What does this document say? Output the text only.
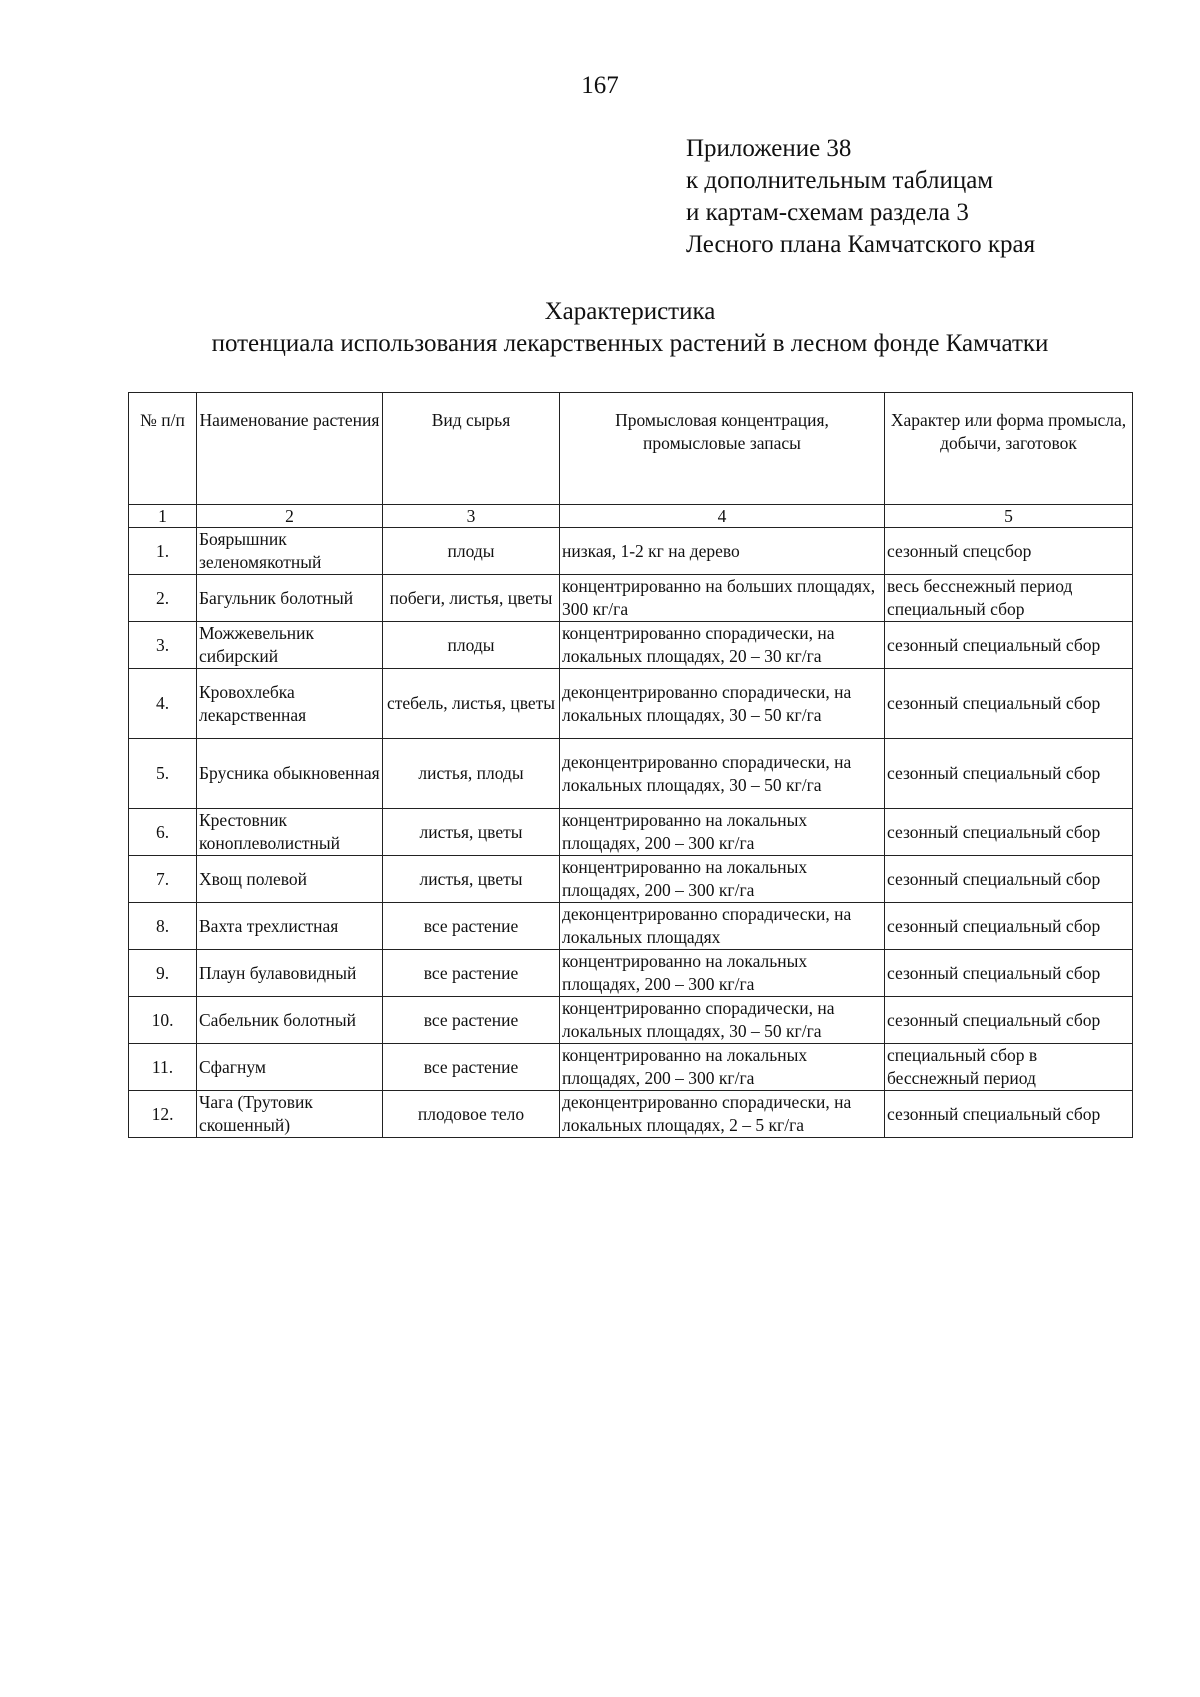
167
Приложение 38
к дополнительным таблицам
и картам-схемам раздела 3
Лесного плана Камчатского края
Характеристика
потенциала использования лекарственных растений в лесном фонде Камчатки
№ п/п	Наименование растения	Вид сырья	Промысловая концентрация, промысловые запасы	Характер или форма промысла, добычи, заготовок
1	2	3	4	5
1.	Боярышник зеленомякотный	плоды	низкая, 1-2 кг на дерево	сезонный спецсбор
2.	Багульник болотный	побеги, листья, цветы	концентрированно на больших площадях, 300 кг/га	весь бесснежный период специальный сбор
3.	Можжевельник сибирский	плоды	концентрированно спорадически, на локальных площадях, 20 – 30 кг/га	сезонный специальный сбор
4.	Кровохлебка лекарственная	стебель, листья, цветы	деконцентрированно спорадически, на локальных площадях, 30 – 50 кг/га	сезонный специальный сбор
5.	Брусника обыкновенная	листья, плоды	деконцентрированно спорадически, на локальных площадях, 30 – 50 кг/га	сезонный специальный сбор
6.	Крестовник коноплеволистный	листья, цветы	концентрированно на локальных площадях, 200 – 300 кг/га	сезонный специальный сбор
7.	Хвощ полевой	листья, цветы	концентрированно на локальных площадях, 200 – 300 кг/га	сезонный специальный сбор
8.	Вахта трехлистная	все растение	деконцентрированно спорадически, на локальных площадях	сезонный специальный сбор
9.	Плаун булавовидный	все растение	концентрированно на локальных площадях, 200 – 300 кг/га	сезонный специальный сбор
10.	Сабельник болотный	все растение	концентрированно спорадически, на локальных площадях, 30 – 50 кг/га	сезонный специальный сбор
11.	Сфагнум	все растение	концентрированно на локальных площадях, 200 – 300 кг/га	специальный сбор в бесснежный период
12.	Чага (Трутовик скошенный)	плодовое тело	деконцентрированно спорадически, на локальных площадях, 2 – 5 кг/га	сезонный специальный сбор
